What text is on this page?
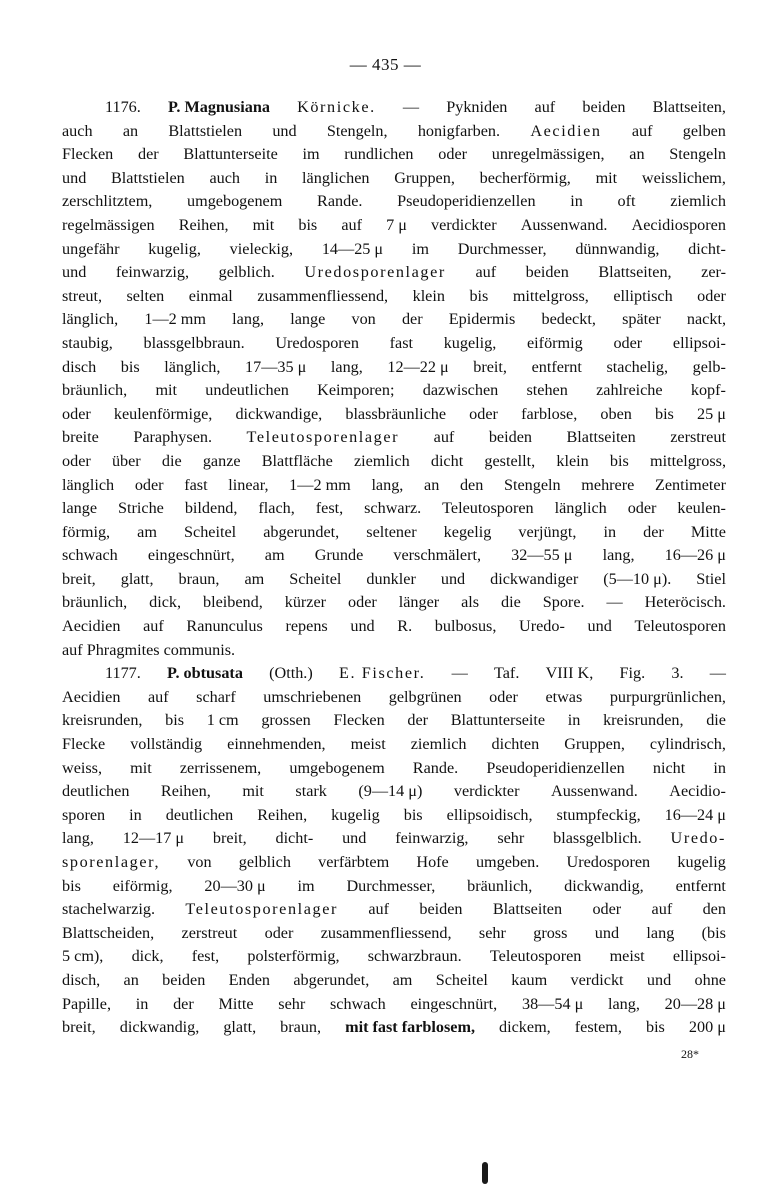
— 435 —
1176. P. Magnusiana Körnicke. — Pykniden auf beiden Blattseiten,
auch an Blattstielen und Stengeln, honigfarben. Aecidien auf gelben
Flecken der Blattunterseite im rundlichen oder unregelmässigen, an Stengeln
und Blattstielen auch in länglichen Gruppen, becherförmig, mit weisslichem,
zerschlitztem, umgebogenem Rande. Pseudoperidienzellen in oft ziemlich
regelmässigen Reihen, mit bis auf 7 μ verdickter Aussenwand. Aecidiosporen
ungefähr kugelig, vieleckig, 14—25 μ im Durchmesser, dünnwandig, dicht-
und feinwarzig, gelblich. Uredosporenlager auf beiden Blattseiten, zer-
streut, selten einmal zusammenfliessend, klein bis mittelgross, elliptisch oder
länglich, 1—2 mm lang, lange von der Epidermis bedeckt, später nackt,
staubig, blassgelbbraun. Uredosporen fast kugelig, eiförmig oder ellipsoi-
disch bis länglich, 17—35 μ lang, 12—22 μ breit, entfernt stachelig, gelb-
bräunlich, mit undeutlichen Keimporen; dazwischen stehen zahlreiche kopf-
oder keulenförmige, dickwandige, blassbräunliche oder farblose, oben bis 25 μ
breite Paraphysen. Teleutosporenlager auf beiden Blattseiten zerstreut
oder über die ganze Blattfläche ziemlich dicht gestellt, klein bis mittelgross,
länglich oder fast linear, 1—2 mm lang, an den Stengeln mehrere Zentimeter
lange Striche bildend, flach, fest, schwarz. Teleutosporen länglich oder keulen-
förmig, am Scheitel abgerundet, seltener kegelig verjüngt, in der Mitte
schwach eingeschnürt, am Grunde verschmälert, 32—55 μ lang, 16—26 μ
breit, glatt, braun, am Scheitel dunkler und dickwandiger (5—10 μ). Stiel
bräunlich, dick, bleibend, kürzer oder länger als die Spore. — Heteröcisch.
Aecidien auf Ranunculus repens und R. bulbosus, Uredo- und Teleutosporen
auf Phragmites communis.
1177. P. obtusata (Otth.) E. Fischer. — Taf. VIII K, Fig. 3. —
Aecidien auf scharf umschriebenen gelbgrünen oder etwas purpurgrünlichen,
kreisrunden, bis 1 cm grossen Flecken der Blattunterseite in kreisrunden, die
Flecke vollständig einnehmenden, meist ziemlich dichten Gruppen, cylindrisch,
weiss, mit zerrissenem, umgebogenem Rande. Pseudoperidienzellen nicht in
deutlichen Reihen, mit stark (9—14 μ) verdickter Aussenwand. Aecidio-
sporen in deutlichen Reihen, kugelig bis ellipsoidisch, stumpfeckig, 16—24 μ
lang, 12—17 μ breit, dicht- und feinwarzig, sehr blassgelblich. Uredo-
sporenlager, von gelblich verfärbtem Hofe umgeben. Uredosporen kugelig
bis eiförmig, 20—30 μ im Durchmesser, bräunlich, dickwandig, entfernt
stachelwarzig. Teleutosporenlager auf beiden Blattseiten oder auf den
Blattscheiden, zerstreut oder zusammenfliessend, sehr gross und lang (bis
5 cm), dick, fest, polsterförmig, schwarzbraun. Teleutosporen meist ellipsoi-
disch, an beiden Enden abgerundet, am Scheitel kaum verdickt und ohne
Papille, in der Mitte sehr schwach eingeschnürt, 38—54 μ lang, 20—28 μ
breit, dickwandig, glatt, braun, mit fast farblosem, dickem, festem, bis 200 μ
28*
